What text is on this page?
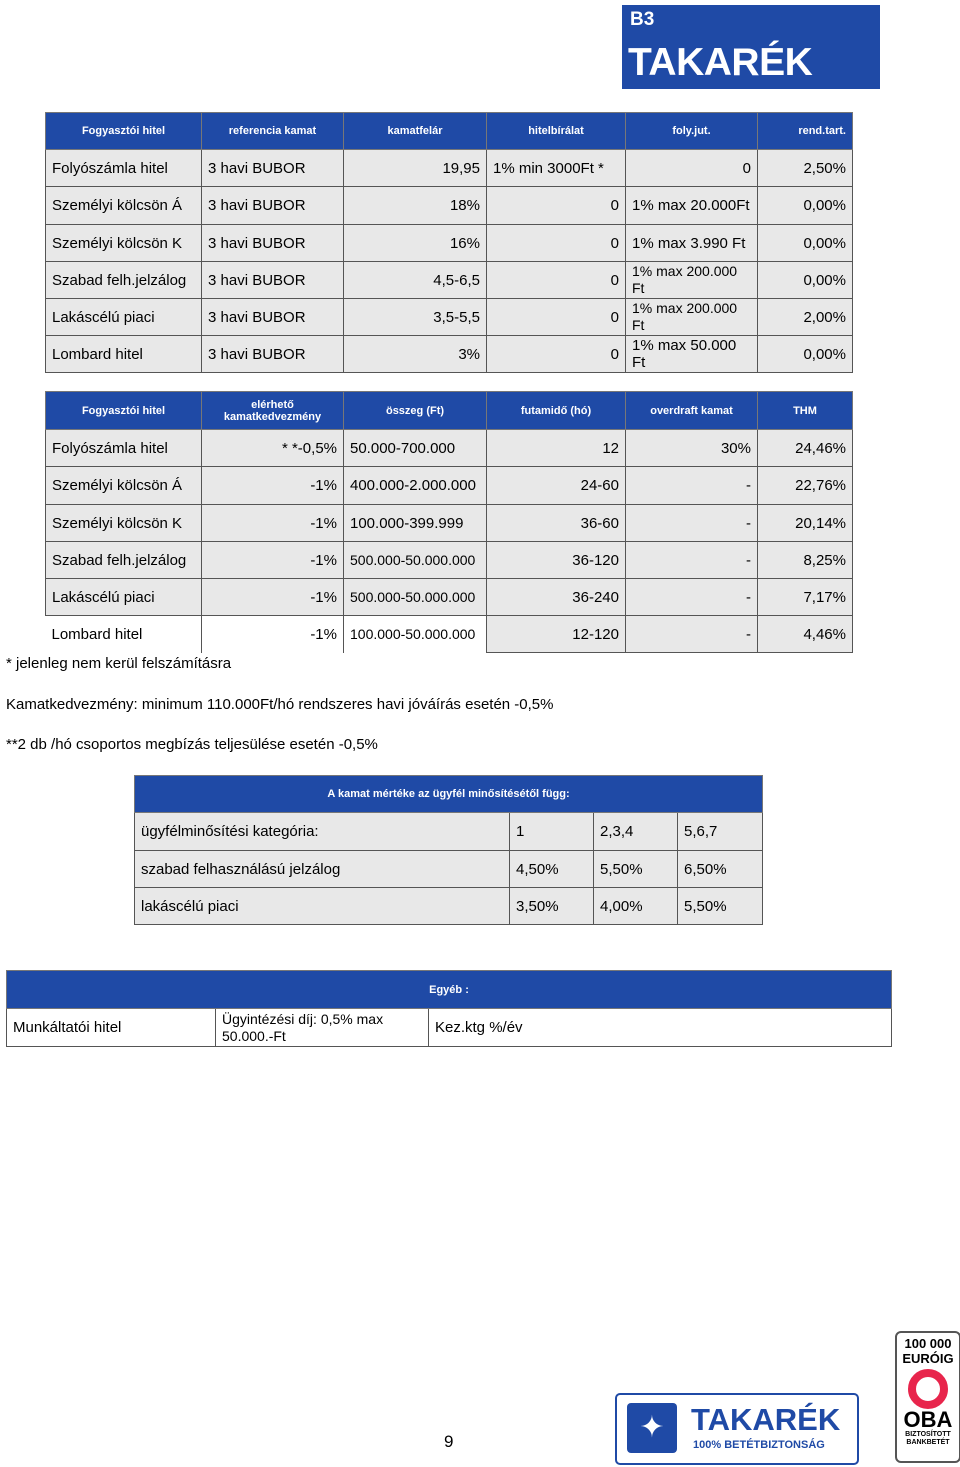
B3
TAKARÉK
Fogyasztói hitel	referencia kamat	kamatfelár	hitelbírálat	foly.jut.	rend.tart.
Folyószámla hitel	3 havi BUBOR	19,95	1% min 3000Ft *	0	2,50%
Személyi kölcsön Á	3 havi BUBOR	18%	0	1% max 20.000Ft	0,00%
Személyi kölcsön K	3 havi BUBOR	16%	0	1% max 3.990 Ft	0,00%
Szabad felh.jelzálog	3 havi BUBOR	4,5-6,5	0	1% max 200.000 Ft	0,00%
Lakáscélú piaci	3 havi BUBOR	3,5-5,5	0	1% max 200.000 Ft	2,00%
Lombard hitel	3 havi BUBOR	3%	0	1% max 50.000 Ft	0,00%
Fogyasztói hitel	elérhető kamatkedvezmény	összeg (Ft)	futamidő (hó)	overdraft kamat	THM
Folyószámla hitel	* *-0,5%	50.000-700.000	12	30%	24,46%
Személyi kölcsön Á	-1%	400.000-2.000.000	24-60	-	22,76%
Személyi kölcsön K	-1%	100.000-399.999	36-60	-	20,14%
Szabad felh.jelzálog	-1%	500.000-50.000.000	36-120	-	8,25%
Lakáscélú piaci	-1%	500.000-50.000.000	36-240	-	7,17%
Lombard hitel	-1%	100.000-50.000.000	12-120	-	4,46%
* jelenleg nem kerül felszámításra
Kamatkedvezmény: minimum 110.000Ft/hó rendszeres havi jóváírás esetén -0,5%
**2 db /hó csoportos megbízás teljesülése esetén -0,5%
A kamat mértéke az ügyfél minősítésétől függ:			
ügyfélminősítési kategória:	1	2,3,4	5,6,7
szabad felhasználású jelzálog	4,50%	5,50%	6,50%
lakáscélú piaci	3,50%	4,00%	5,50%
Egyéb :
Munkáltatói hitel	Ügyintézési díj: 0,5% max 50.000.-Ft	Kez.ktg %/év
9	✦ TAKARÉK
100% BETÉTBIZTONSÁG
100 000
EURÓIG
OBA
BIZTOSÍTOTT BANKBETÉT
